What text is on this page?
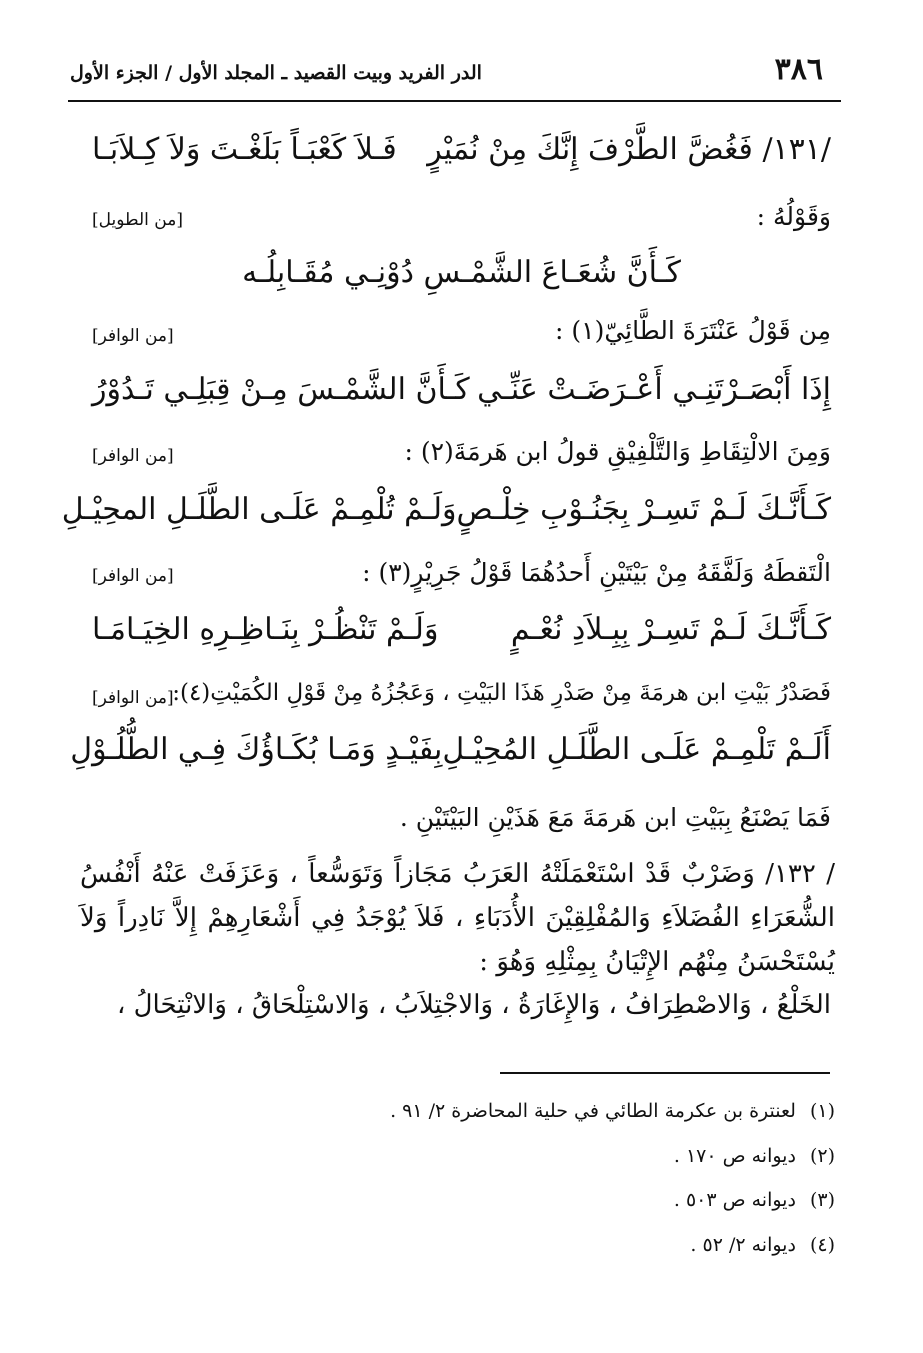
٣٨٦
الدر الفريد وبيت القصيد ـ المجلد الأول / الجزء الأول
/١٣١/ فَغُضَّ الطَّرْفَ إِنَّكَ مِنْ نُمَيْرٍ
فَـلاَ كَعْبَـاً بَلَغْـتَ وَلاَ كِـلاَبَـا
وَقَوْلُهُ :
[من الطويل]
كَـأَنَّ شُعَـاعَ الشَّمْـسِ دُوْنِـي مُقَـابِلُـه
مِن قَوْلُ عَنْتَرَةَ الطَّائِيّ(١) :
[من الوافر]
إِذَا أَبْصَـرْتَنِـي أَعْـرَضَـتْ عَنِّـي
كَـأَنَّ الشَّمْـسَ مِـنْ قِبَلِـي تَـدُوْرُ
وَمِنَ الالْتِقَاطِ وَالتَّلْفِيْقِ قولُ ابن هَرمَةَ(٢) :
[من الوافر]
كَـأَنَّـكَ لَـمْ تَسِـرْ بِجَنُـوْبِ خِلْـصٍ
وَلَـمْ تُلْمِـمْ عَلَـى الطَّلَـلِ المحِيْـلِ
الْتَقطَهُ وَلَفَّقَهُ مِنْ بَيْتَيْنِ أَحدُهُمَا قَوْلُ جَرِيْرٍ(٣) :
[من الوافر]
كَـأَنَّـكَ لَـمْ تَسِـرْ بِبِـلاَدِ نُعْـمٍ
وَلَـمْ تَنْظُـرْ بِنَـاظِـرِهِ الخِيَـامَـا
فَصَدْرُ بَيْتِ ابن هرمَةَ مِنْ صَدْرِ هَذَا البَيْتِ ، وَعَجُزُهُ مِنْ قَوْلِ الكُمَيْتِ(٤):
[من الوافر]
أَلَـمْ تَلْمِـمْ عَلَـى الطَّلَـلِ المُحِيْـلِ
بِفَيْـدٍ وَمَـا بُكَـاؤُكَ فِـي الطُّلُـوْلِ
فَمَا يَصْنَعُ بِبَيْتِ ابن هَرمَةَ مَعَ هَذَيْنِ البَيْتَيْنِ .
/ ١٣٢/ وَضَرْبٌ قَدْ اسْتَعْمَلَتْهُ العَرَبُ مَجَازاً وَتَوَسُّعاً ، وَعَزَفَتْ عَنْهُ أَنْفُسُ الشُّعَرَاءِ الفُضَلاَءِ وَالمُفْلِقِيْنَ الأُدَبَاءِ ، فَلاَ يُوْجَدُ فِي أَشْعَارِهِمْ إِلاَّ نَادِراً وَلاَ يُسْتَحْسَنُ مِنْهُم الإِتْيَانُ بِمِثْلِهِ وَهُوَ :
الخَلْعُ ، وَالاصْطِرَافُ ، وَالإِغَارَةُ ، وَالاجْتِلاَبُ ، وَالاسْتِلْحَاقُ ، وَالانْتِحَالُ ،
(١)لعنترة بن عكرمة الطائي في حلية المحاضرة ٢/ ٩١ .
(٢)ديوانه ص ١٧٠ .
(٣)ديوانه ص ٥٠٣ .
(٤)ديوانه ٢/ ٥٢ .
